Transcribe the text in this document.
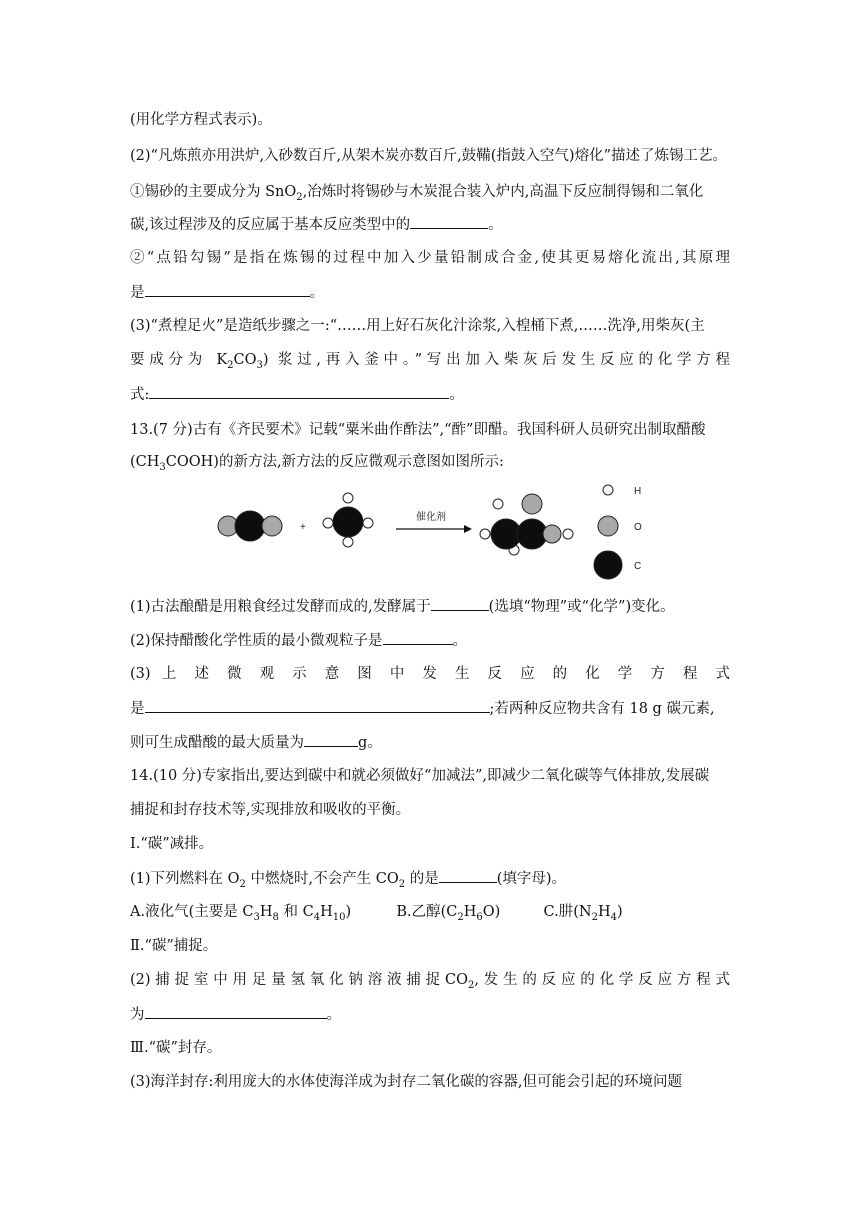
(用化学方程式表示)。
(2)“凡炼煎亦用洪炉,入砂数百斤,从架木炭亦数百斤,鼓鞴(指鼓入空气)熔化”描述了炼锡工艺。
①锡砂的主要成分为 SnO$_2$,冶炼时将锡砂与木炭混合装入炉内,高温下反应制得锡和二氧化
碳,该过程涉及的反应属于基本反应类型中的	。
②“点铅勾锡”是指在炼锡的过程中加入少量铅制成合金,使其更易熔化流出,其原理
是	。
(3)“煮楻足火”是造纸步骤之一:“……用上好石灰化汁涂浆,入楻桶下煮,……洗净,用柴灰(主
要成分为 $K_2CO_3$) 浆过,再入釜中。”写出加入柴灰后发生反应的化学方程
式:	。
13.(7 分)古有《齐民要术》记载“粟米曲作酢法”,“酢”即醋。我国科研人员研究出制取醋酸
$(CH_3COOH)$的新方法,新方法的反应微观示意图如图所示:
+
催化剂
H
O
C
(1)古法酿醋是用粮食经过发酵而成的,发酵属于	(选填“物理”或“化学”)变化。
(2)保持醋酸化学性质的最小微观粒子是	。
(3) 上 述 微 观 示 意 图 中 发 生 反 应 的 化 学 方 程 式
是	;若两种反应物共含有 18 g 碳元素,
则可生成醋酸的最大质量为	g。
14.(10 分)专家指出,要达到碳中和就必须做好“加减法”,即减少二氧化碳等气体排放,发展碳
捕捉和封存技术等,实现排放和吸收的平衡。
Ⅰ.“碳”减排。
(1)下列燃料在 $O_2$ 中燃烧时,不会产生 $CO_2$ 的是	(填字母)。
A.液化气(主要是 $C_3H_8$ 和 $C_4H_{10}$)	B.乙醇$(C_2H_6O)$	C.肼$(N_2H_4)$
Ⅱ.“碳”捕捉。
(2) 捕 捉 室 中 用 足 量 氢 氧 化 钠 溶 液 捕 捉 $CO_2$, 发 生 的 反 应 的 化 学 反 应 方 程 式
为	。
Ⅲ.“碳”封存。
(3)海洋封存:利用庞大的水体使海洋成为封存二氧化碳的容器,但可能会引起的环境问题
